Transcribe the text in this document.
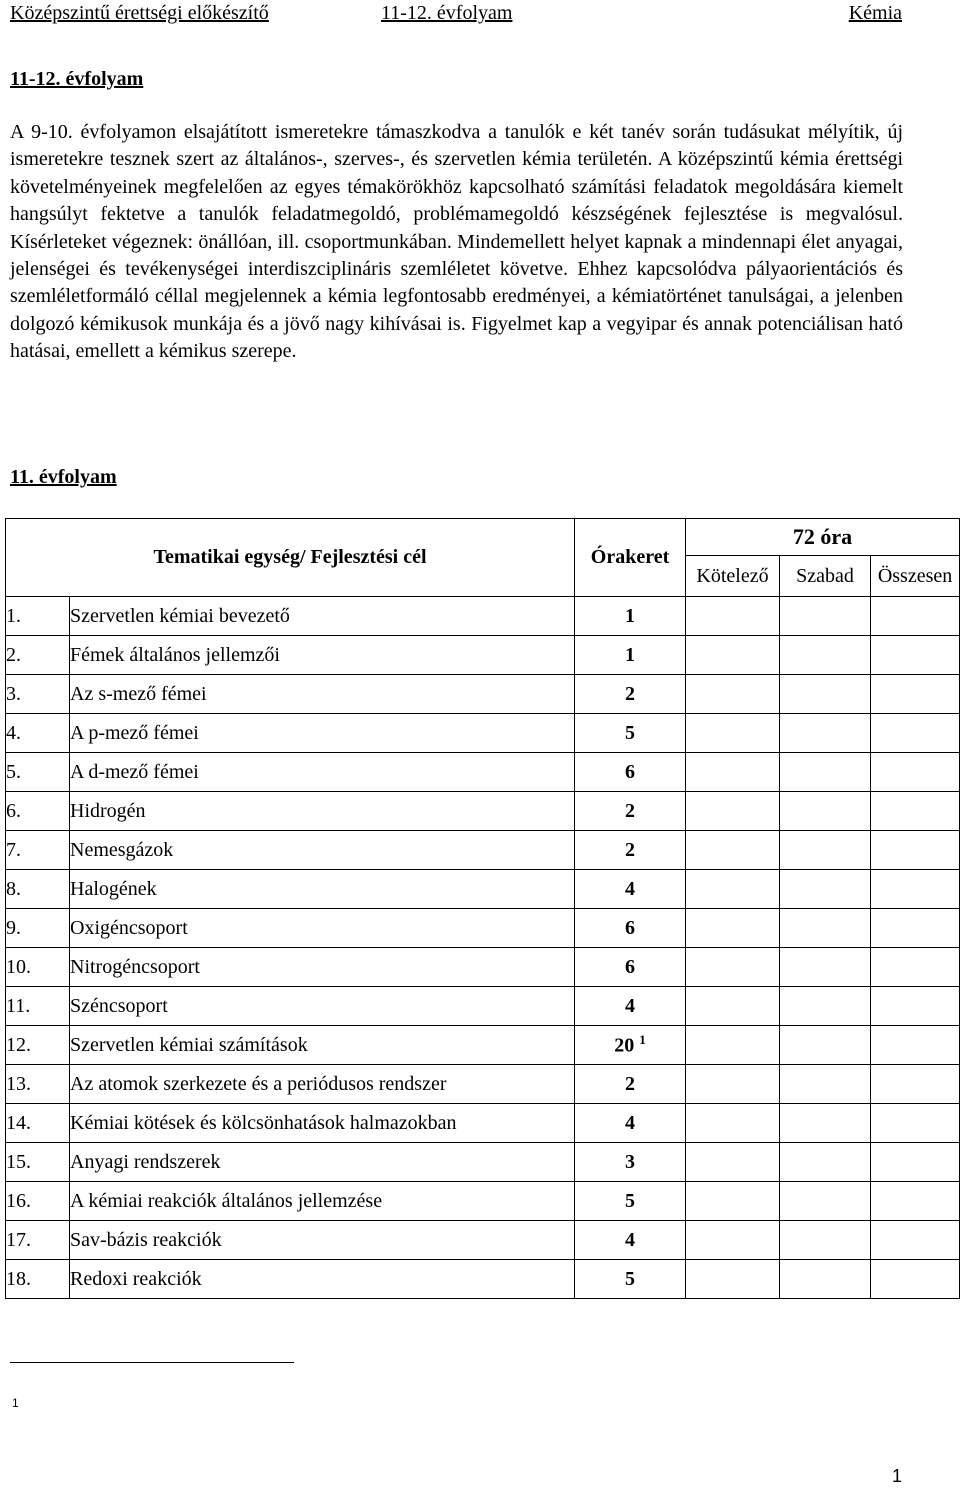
Középszintű érettségi előkészítő	11-12. évfolyam	Kémia
11-12. évfolyam

A 9-10. évfolyamon elsajátított ismeretekre támaszkodva a tanulók e két tanév során tudásukat mélyítik, új ismeretekre tesznek szert az általános-, szerves-, és szervetlen kémia területén. A középszintű kémia érettségi követelményeinek megfelelően az egyes témakörökhöz kapcsolható számítási feladatok megoldására kiemelt hangsúlyt fektetve a tanulók feladatmegoldó, problémamegoldó készségének fejlesztése is megvalósul. Kísérleteket végeznek: önállóan, ill. csoportmunkában. Mindemellett helyet kapnak a mindennapi élet anyagai, jelenségei és tevékenységei interdiszciplináris szemléletet követve. Ehhez kapcsolódva pályaorientációs és szemléletformáló céllal megjelennek a kémia legfontosabb eredményei, a kémiatörténet tanulságai, a jelenben dolgozó kémikusok munkája és a jövő nagy kihívásai is. Figyelmet kap a vegyipar és annak potenciálisan ható hatásai, emellett a kémikus szerepe.

11. évfolyam
Tematikai egység/ Fejlesztési cél		Órakeret	72 óra		
			Kötelező	Szabad	Összesen
1.	Szervetlen kémiai bevezető	1			
2.	Fémek általános jellemzői	1			
3.	Az s-mező fémei	2			
4.	A p-mező fémei	5			
5.	A d-mező fémei	6			
6.	Hidrogén	2			
7.	Nemesgázok	2			
8.	Halogének	4			
9.	Oxigéncsoport	6			
10.	Nitrogéncsoport	6			
11.	Széncsoport	4			
12.	Szervetlen kémiai számítások	20 $^1$			
13.	Az atomok szerkezete és a periódusos rendszer	2			
14.	Kémiai kötések és kölcsönhatások halmazokban	4			
15.	Anyagi rendszerek	3			
16.	A kémiai reakciók általános jellemzése	5			
17.	Sav-bázis reakciók	4			
18.	Redoxi reakciók	5			
1
1
